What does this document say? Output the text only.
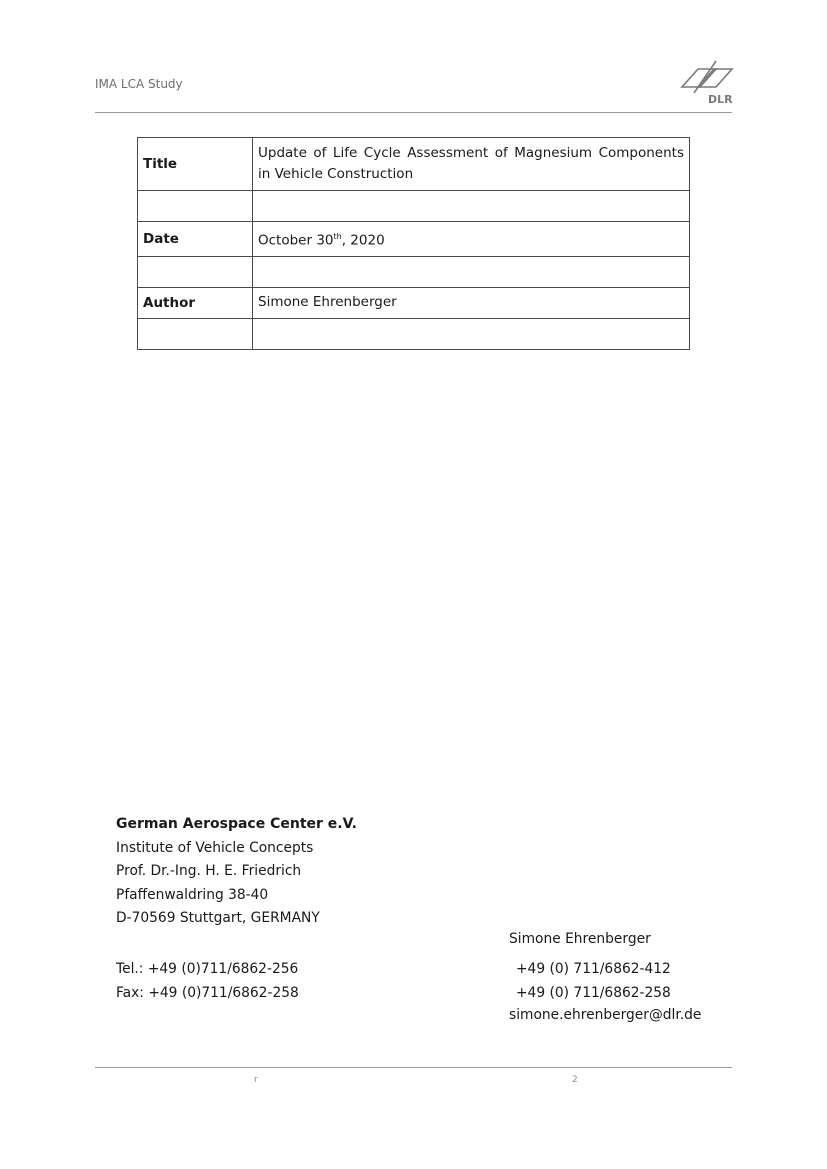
IMA LCA Study
DLR
Title	Update of Life Cycle Assessment of Magnesium Components in Vehicle Construction

Date	October 30th, 2020

Author	Simone Ehrenberger

German Aerospace Center e.V.
Institute of Vehicle Concepts
Prof. Dr.-Ing. H. E. Friedrich
Pfaffenwaldring 38-40
D-70569 Stuttgart, GERMANY
Simone Ehrenberger
Tel.: +49 (0)711/6862-256
Fax: +49 (0)711/6862-258
+49 (0) 711/6862-412
+49 (0) 711/6862-258
simone.ehrenberger@dlr.de
r	2
